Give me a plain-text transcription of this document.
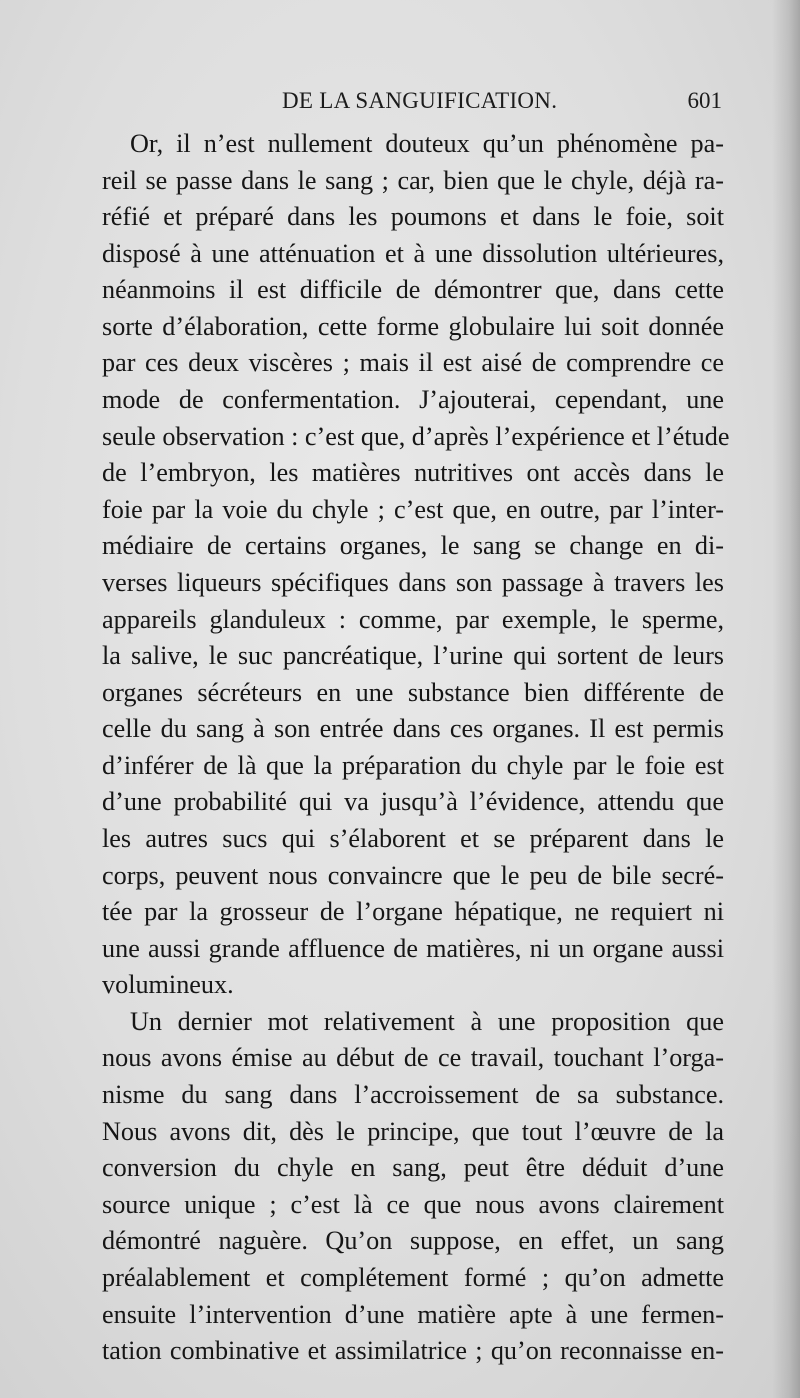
DE LA SANGUIFICATION.	601
Or, il n’est nullement douteux qu’un phénomène pa-
reil se passe dans le sang ; car, bien que le chyle, déjà ra-
réfié et préparé dans les poumons et dans le foie, soit
disposé à une atténuation et à une dissolution ultérieures,
néanmoins il est difficile de démontrer que, dans cette
sorte d’élaboration, cette forme globulaire lui soit donnée
par ces deux viscères ; mais il est aisé de comprendre ce
mode de confermentation. J’ajouterai, cependant, une
seule observation : c’est que, d’après l’expérience et l’étude
de l’embryon, les matières nutritives ont accès dans le
foie par la voie du chyle ; c’est que, en outre, par l’inter-
médiaire de certains organes, le sang se change en di-
verses liqueurs spécifiques dans son passage à travers les
appareils glanduleux : comme, par exemple, le sperme,
la salive, le suc pancréatique, l’urine qui sortent de leurs
organes sécréteurs en une substance bien différente de
celle du sang à son entrée dans ces organes. Il est permis
d’inférer de là que la préparation du chyle par le foie est
d’une probabilité qui va jusqu’à l’évidence, attendu que
les autres sucs qui s’élaborent et se préparent dans le
corps, peuvent nous convaincre que le peu de bile secré-
tée par la grosseur de l’organe hépatique, ne requiert ni
une aussi grande affluence de matières, ni un organe aussi
volumineux.
Un dernier mot relativement à une proposition que
nous avons émise au début de ce travail, touchant l’orga-
nisme du sang dans l’accroissement de sa substance.
Nous avons dit, dès le principe, que tout l’œuvre de la
conversion du chyle en sang, peut être déduit d’une
source unique ; c’est là ce que nous avons clairement
démontré naguère. Qu’on suppose, en effet, un sang
préalablement et complétement formé ; qu’on admette
ensuite l’intervention d’une matière apte à une fermen-
tation combinative et assimilatrice ; qu’on reconnaisse en-
